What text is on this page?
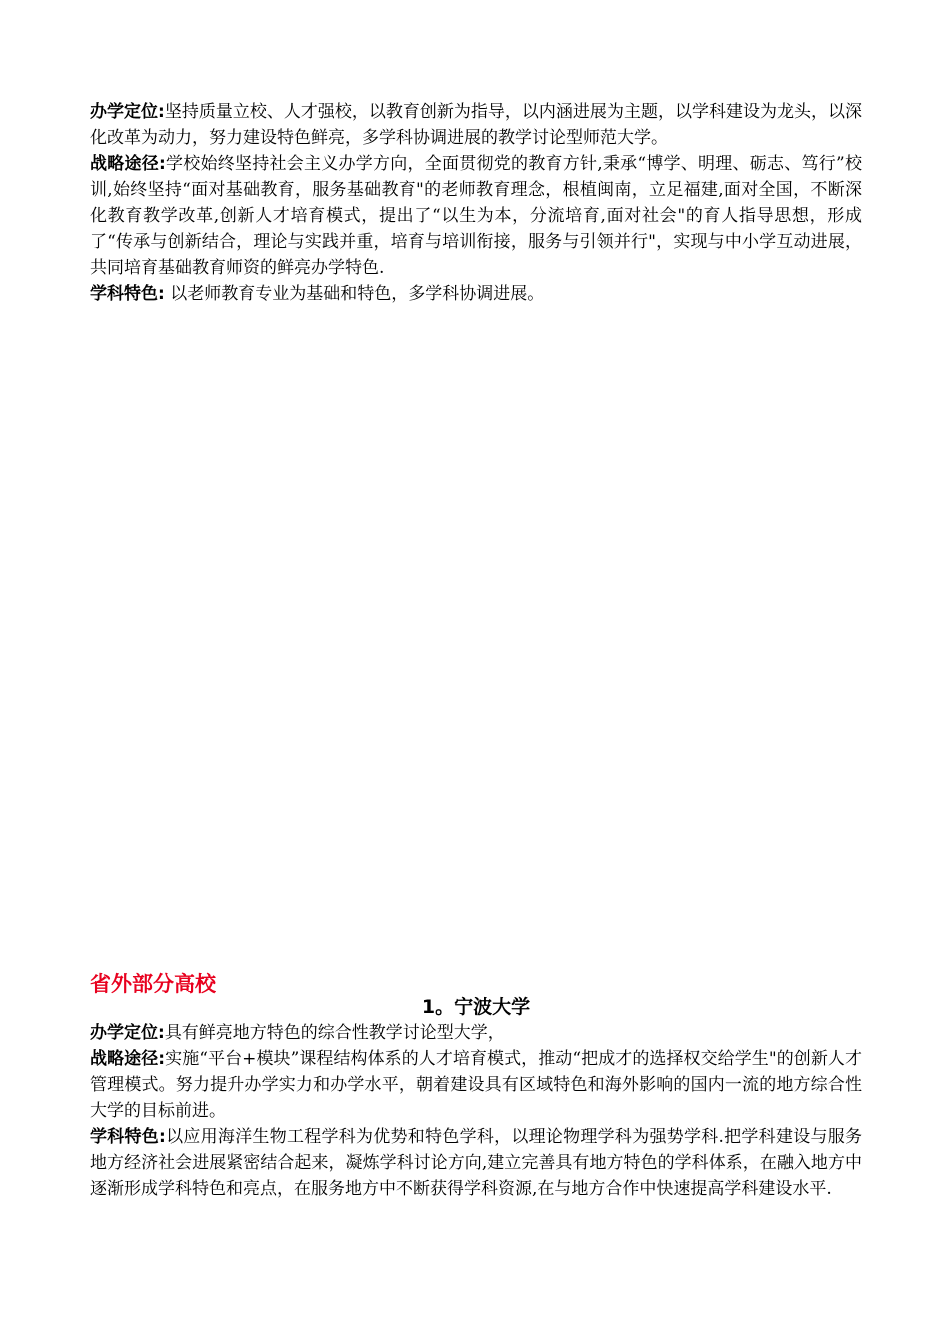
办学定位:坚持质量立校、人才强校，以教育创新为指导，以内涵进展为主题，以学科建设为龙头，以深化改革为动力，努力建设特色鲜亮，多学科协调进展的教学讨论型师范大学。

战略途径:学校始终坚持社会主义办学方向，全面贯彻党的教育方针,秉承“博学、明理、砺志、笃行”校训,始终坚持“面对基础教育，服务基础教育"的老师教育理念，根植闽南，立足福建,面对全国，不断深化教育教学改革,创新人才培育模式，提出了“以生为本，分流培育,面对社会"的育人指导思想，形成了“传承与创新结合，理论与实践并重，培育与培训衔接，服务与引领并行"，实现与中小学互动进展，共同培育基础教育师资的鲜亮办学特色.

学科特色: 以老师教育专业为基础和特色，多学科协调进展。

省外部分高校
1。宁波大学

办学定位:具有鲜亮地方特色的综合性教学讨论型大学，

战略途径:实施“平台+模块”课程结构体系的人才培育模式，推动“把成才的选择权交给学生"的创新人才管理模式。努力提升办学实力和办学水平，朝着建设具有区域特色和海外影响的国内一流的地方综合性大学的目标前进。

学科特色:以应用海洋生物工程学科为优势和特色学科，以理论物理学科为强势学科.把学科建设与服务地方经济社会进展紧密结合起来，凝炼学科讨论方向,建立完善具有地方特色的学科体系，在融入地方中逐渐形成学科特色和亮点，在服务地方中不断获得学科资源,在与地方合作中快速提高学科建设水平.
